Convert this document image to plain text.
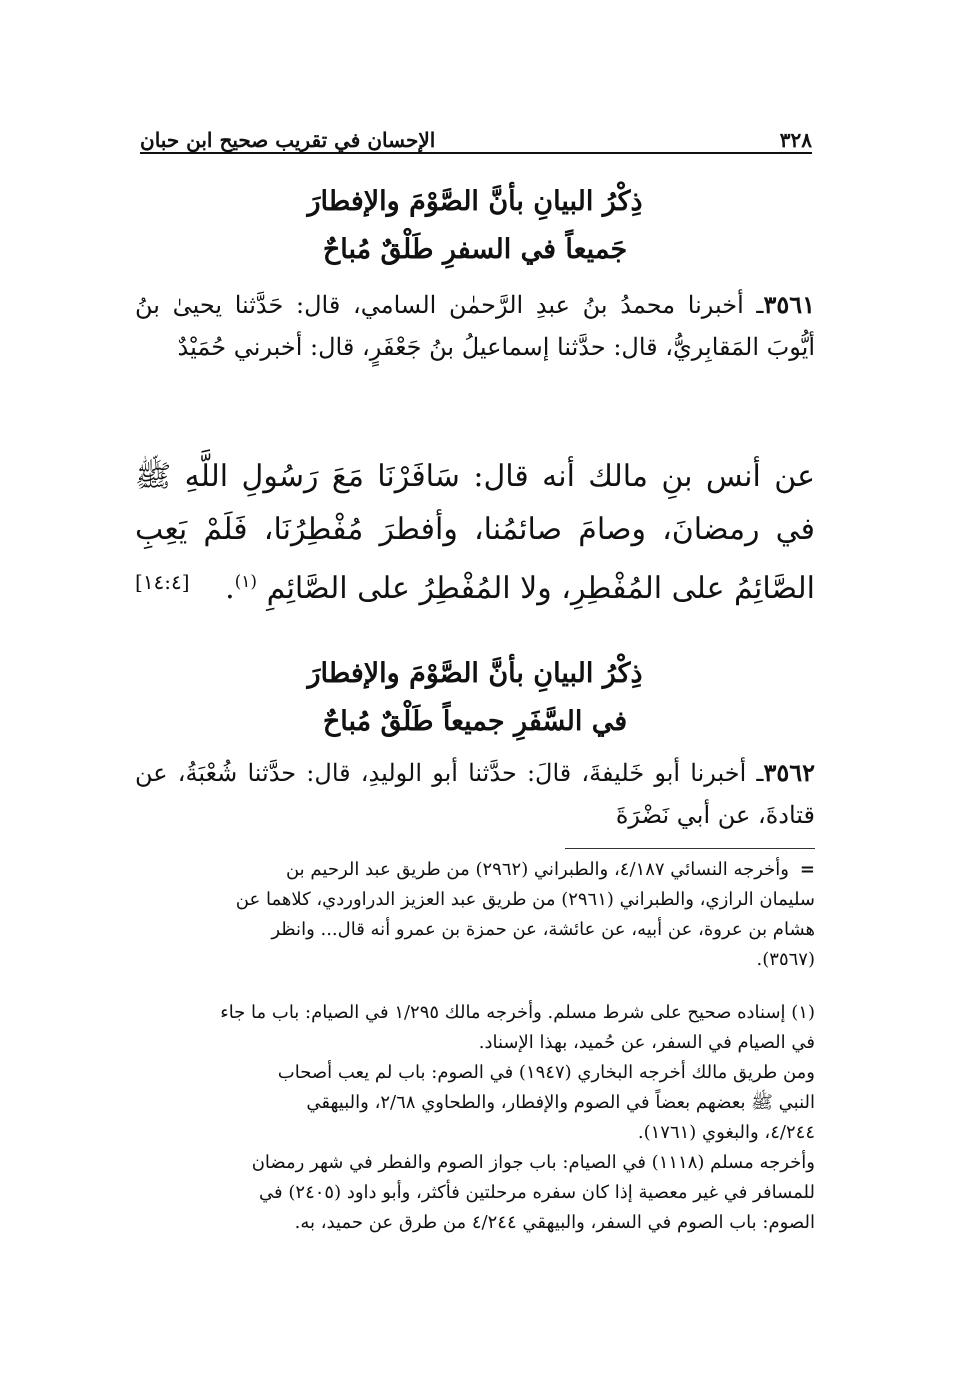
٣٢٨
الإحسان في تقريب صحيح ابن حبان
ذِكْرُ البيانِ بأنَّ الصَّوْمَ والإفطارَ
جَميعاً في السفرِ طَلْقٌ مُباحٌ
٣٥٦١ـ أخبرنا محمدُ بنُ عبدِ الرَّحمٰن السامي، قال: حَدَّثنا يحيىٰ بنُ أيُّوبَ المَقابِريُّ، قال: حدَّثنا إسماعيلُ بنُ جَعْفَرٍ، قال: أخبرني حُمَيْدٌ
عن أنس بنِ مالك أنه قال: سَافَرْنَا مَعَ رَسُولِ اللَّهِ ﷺ في رمضانَ، وصامَ صائمُنا، وأفطرَ مُفْطِرُنَا، فَلَمْ يَعِبِ الصَّائِمُ على المُفْطِرِ، ولا المُفْطِرُ على الصَّائِمِ $^{(١)}$.
[١٤:٤]
ذِكْرُ البيانِ بأنَّ الصَّوْمَ والإفطارَ
في السَّفَرِ جميعاً طَلْقٌ مُباحٌ
٣٥٦٢ـ أخبرنا أبو خَليفةَ، قالَ: حدَّثنا أبو الوليدِ، قال: حدَّثنا شُعْبَةُ، عن قتادةَ، عن أبي نَضْرَةَ
=وأخرجه النسائي ٤/١٨٧، والطبراني (٢٩٦٢) من طريق عبد الرحيم بن
سليمان الرازي، والطبراني (٢٩٦١) من طريق عبد العزيز الدراوردي، كلاهما عن
هشام بن عروة، عن أبيه، عن عائشة، عن حمزة بن عمرو أنه قال... وانظر
(٣٥٦٧).
(١) إسناده صحيح على شرط مسلم. وأخرجه مالك ١/٢٩٥ في الصيام: باب ما جاء
في الصيام في السفر، عن حُميد، بهذا الإسناد.
ومن طريق مالك أخرجه البخاري (١٩٤٧) في الصوم: باب لم يعب أصحاب
النبي ﷺ بعضهم بعضاً في الصوم والإفطار، والطحاوي ٢/٦٨، والبيهقي
٤/٢٤٤، والبغوي (١٧٦١).
وأخرجه مسلم (١١١٨) في الصيام: باب جواز الصوم والفطر في شهر رمضان
للمسافر في غير معصية إذا كان سفره مرحلتين فأكثر، وأبو داود (٢٤٠٥) في
الصوم: باب الصوم في السفر، والبيهقي ٤/٢٤٤ من طرق عن حميد، به.
